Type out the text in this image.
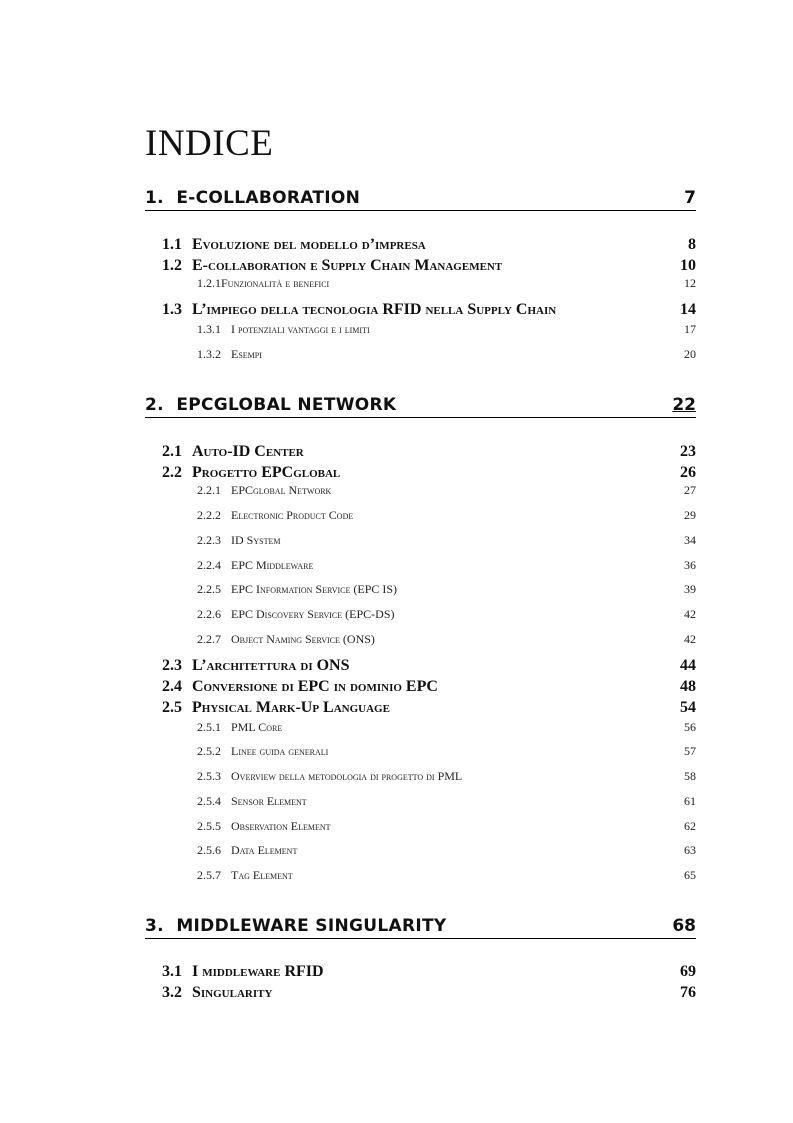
INDICE
1. E-COLLABORATION	7
1.1 Evoluzione del modello d’impresa	8
1.2 E-collaboration e Supply Chain Management	10
1.2.1 Funzionalità e benefici	12
1.3 L’impiego della tecnologia RFID nella Supply Chain	14
1.3.1 I potenziali vantaggi e i limiti	17
1.3.2 Esempi	20
2. EPCGLOBAL NETWORK	22
2.1 Auto-ID Center	23
2.2 Progetto EPCglobal	26
2.2.1 EPCglobal Network	27
2.2.2 Electronic Product Code	29
2.2.3 ID System	34
2.2.4 EPC Middleware	36
2.2.5 EPC Information Service (EPC IS)	39
2.2.6 EPC Discovery Service (EPC-DS)	42
2.2.7 Object Naming Service (ONS)	42
2.3 L’architettura di ONS	44
2.4 Conversione di EPC in dominio EPC	48
2.5 Physical Mark-Up Language	54
2.5.1 PML Core	56
2.5.2 Linee guida generali	57
2.5.3 Overview della metodologia di progetto di PML	58
2.5.4 Sensor Element	61
2.5.5 Observation Element	62
2.5.6 Data Element	63
2.5.7 Tag Element	65
3. MIDDLEWARE SINGULARITY	68
3.1 I middleware RFID	69
3.2 Singularity	76
